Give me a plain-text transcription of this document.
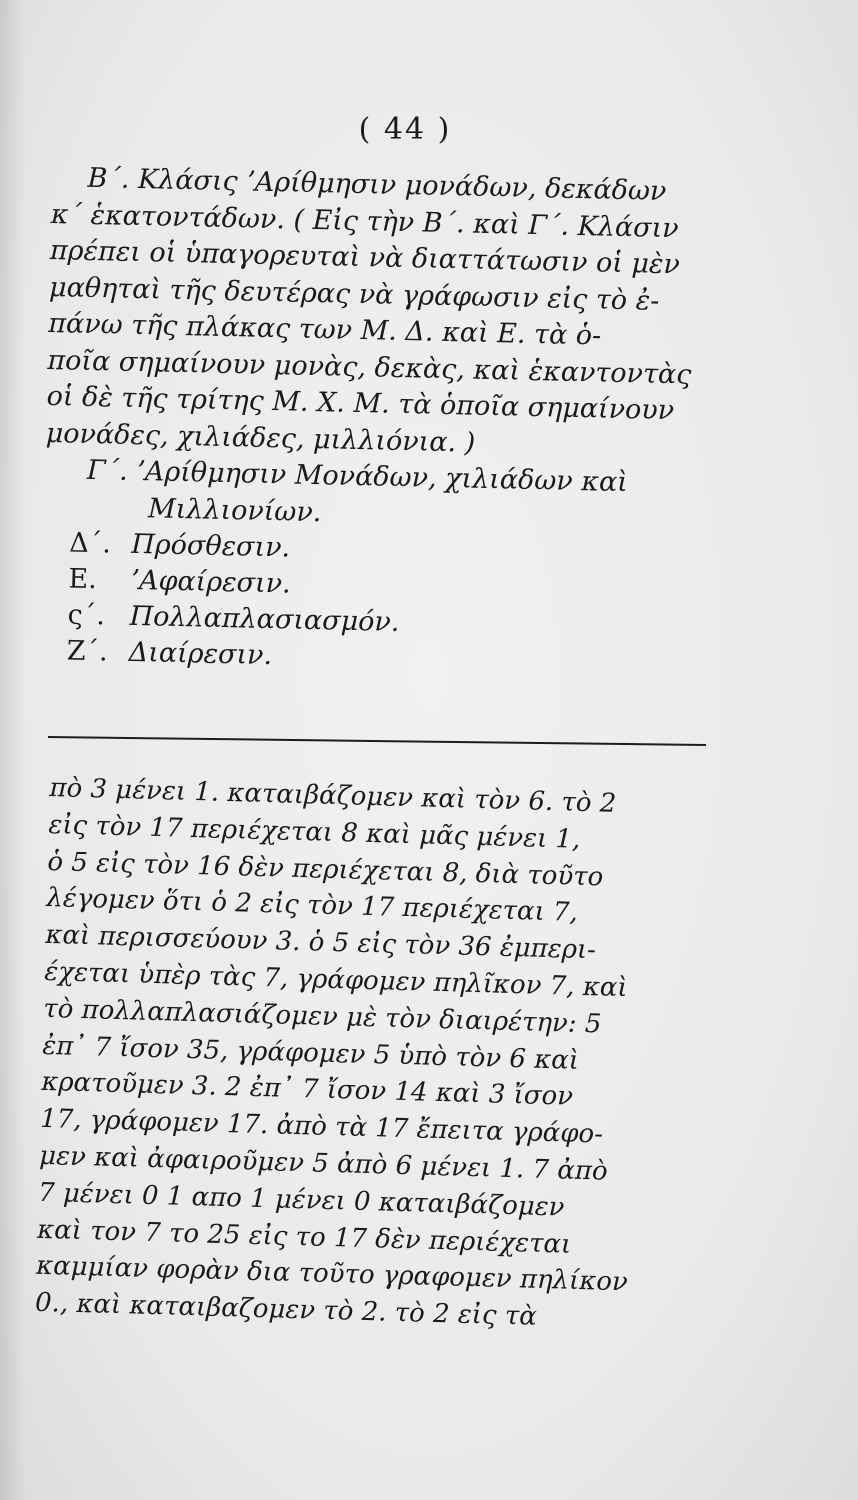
( 44 )
Β΄. Κλάσις ʼΑρίθμησιν μονάδων, δεκάδων
κ΄ ἑκατοντάδων. ( Εἰς τὴν Β΄. καὶ Γ΄. Κλάσιν
πρέπει οἱ ὑπαγορευταὶ νὰ διαττάτωσιν οἱ μὲν
μαθηταὶ τῆς δευτέρας νὰ γράφωσιν εἰς τὸ ἐ-
πάνω τῆς πλάκας των Μ. Δ. καὶ Ε. τὰ ὁ-
ποῖα σημαίνουν μονὰς, δεκὰς, καὶ ἑκαντοντὰς
οἱ δὲ τῆς τρίτης Μ. Χ. Μ. τὰ ὁποῖα σημαίνουν
μονάδες, χιλιάδες, μιλλιόνια. )
Γ΄. ʼΑρίθμησιν Μονάδων, χιλιάδων καὶ
Μιλλιονίων.
Δ΄. Πρόσθεσιν.
Ε. ʼΑφαίρεσιν.
ς΄. Πολλαπλασιασμόν.
Ζ΄. Διαίρεσιν.
πὸ 3 μένει 1. καταιβάζομεν καὶ τὸν 6. τὸ 2
εἰς τὸν 17 περιέχεται 8 καὶ μᾶς μένει 1,
ὁ 5 εἰς τὸν 16 δὲν περιέχεται 8, διὰ τοῦτο
λέγομεν ὅτι ὁ 2 εἰς τὸν 17 περιέχεται 7,
καὶ περισσεύουν 3. ὁ 5 εἰς τὸν 36 ἐμπερι-
έχεται ὑπὲρ τὰς 7, γράφομεν πηλῖκον 7, καὶ
τὸ πολλαπλασιάζομεν μὲ τὸν διαιρέτην: 5
ἐπ᾿ 7 ἴσον 35, γράφομεν 5 ὑπὸ τὸν 6 καὶ
κρατοῦμεν 3. 2 ἐπ᾿ 7 ἴσον 14 καὶ 3 ἴσον
17, γράφομεν 17. ἀπὸ τὰ 17 ἔπειτα γράφο-
μεν καὶ ἀφαιροῦμεν 5 ἀπὸ 6 μένει 1. 7 ἀπὸ
7 μένει 0 1 απο 1 μένει 0 καταιβάζομεν
καὶ τον 7 το 25 εἰς το 17 δὲν περιέχεται
καμμίαν φορὰν δια τοῦτο γραφομεν πηλίκον
0., καὶ καταιβαζομεν τὸ 2. τὸ 2 εἰς τὰ
